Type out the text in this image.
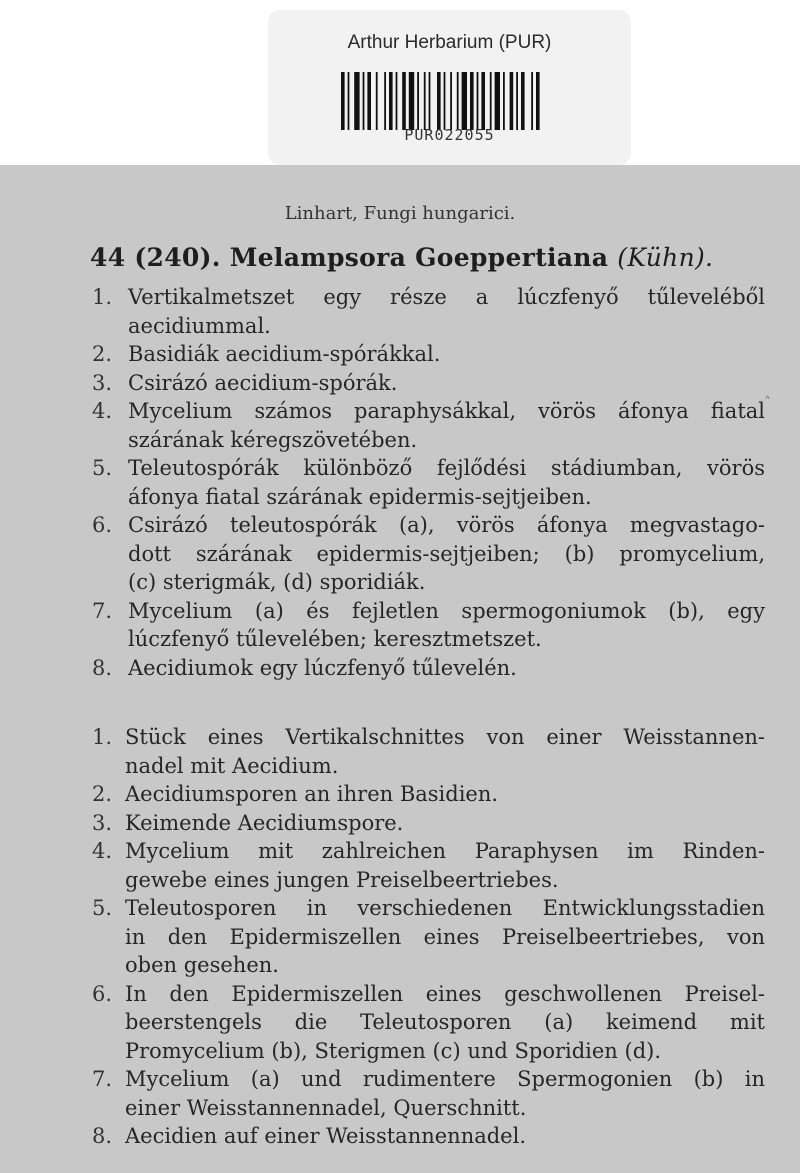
Arthur Herbarium (PUR)
PUR022055
Linhart, Fungi hungarici.
44 (240). Melampsora Goeppertiana (Kühn).
1. Vertikalmetszet egy része a lúczfenyő tűleveléből
aecidiummal.
2. Basidiák aecidium-spórákkal.
3. Csirázó aecidium-spórák.
4. Mycelium számos paraphysákkal, vörös áfonya fiatal
szárának kéregszövetében.
5. Teleutospórák különböző fejlődési stádiumban, vörös
áfonya fiatal szárának epidermis-sejtjeiben.
6. Csirázó teleutospórák (a), vörös áfonya megvastago-
dott szárának epidermis-sejtjeiben; (b) promycelium,
(c) sterigmák, (d) sporidiák.
7. Mycelium (a) és fejletlen spermogoniumok (b), egy
lúczfenyő tűlevelében; keresztmetszet.
8. Aecidiumok egy lúczfenyő tűlevelén.
1. Stück eines Vertikalschnittes von einer Weisstannen-
nadel mit Aecidium.
2. Aecidiumsporen an ihren Basidien.
3. Keimende Aecidiumspore.
4. Mycelium mit zahlreichen Paraphysen im Rinden-
gewebe eines jungen Preiselbeertriebes.
5. Teleutosporen in verschiedenen Entwicklungsstadien
in den Epidermiszellen eines Preiselbeertriebes, von
oben gesehen.
6. In den Epidermiszellen eines geschwollenen Preisel-
beerstengels die Teleutosporen (a) keimend mit
Promycelium (b), Sterigmen (c) und Sporidien (d).
7. Mycelium (a) und rudimentere Spermogonien (b) in
einer Weisstannennadel, Querschnitt.
8. Aecidien auf einer Weisstannennadel.
˄
